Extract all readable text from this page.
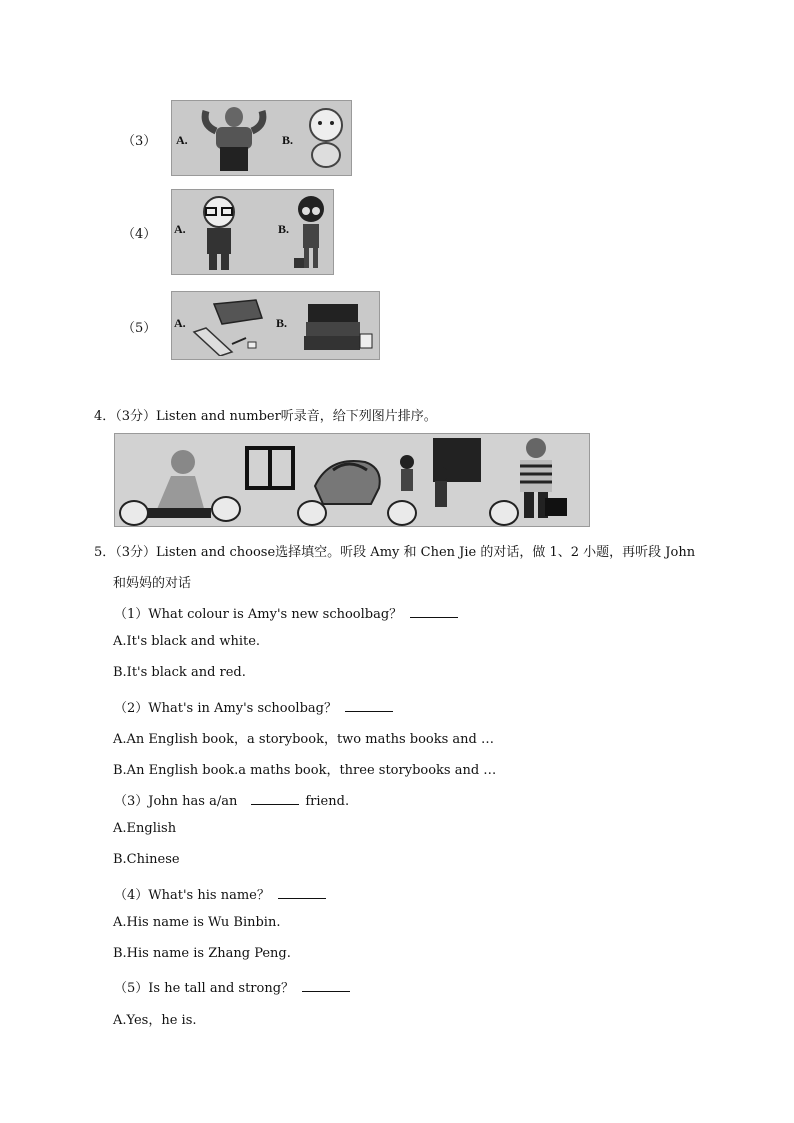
（3） A.	B.
（4） A.	B.
（5） A.	B.
4．（3分）Listen and number听录音，给下列图片排序。
5．（3分）Listen and choose选择填空。听段 Amy 和 Chen Jie 的对话，做 1、2 小题，再听段 John
和妈妈的对话
（1）What colour is Amy's new schoolbag？
A.It's black and white.
B.It's black and red.
（2）What's in Amy's schoolbag？
A.An English book，a storybook，two maths books and …
B.An English book.a maths book，three storybooks and …
（3）John has a/an	friend.
A.English
B.Chinese
（4）What's his name？
A.His name is Wu Binbin.
B.His name is Zhang Peng.
（5）Is he tall and strong？
A.Yes，he is.
